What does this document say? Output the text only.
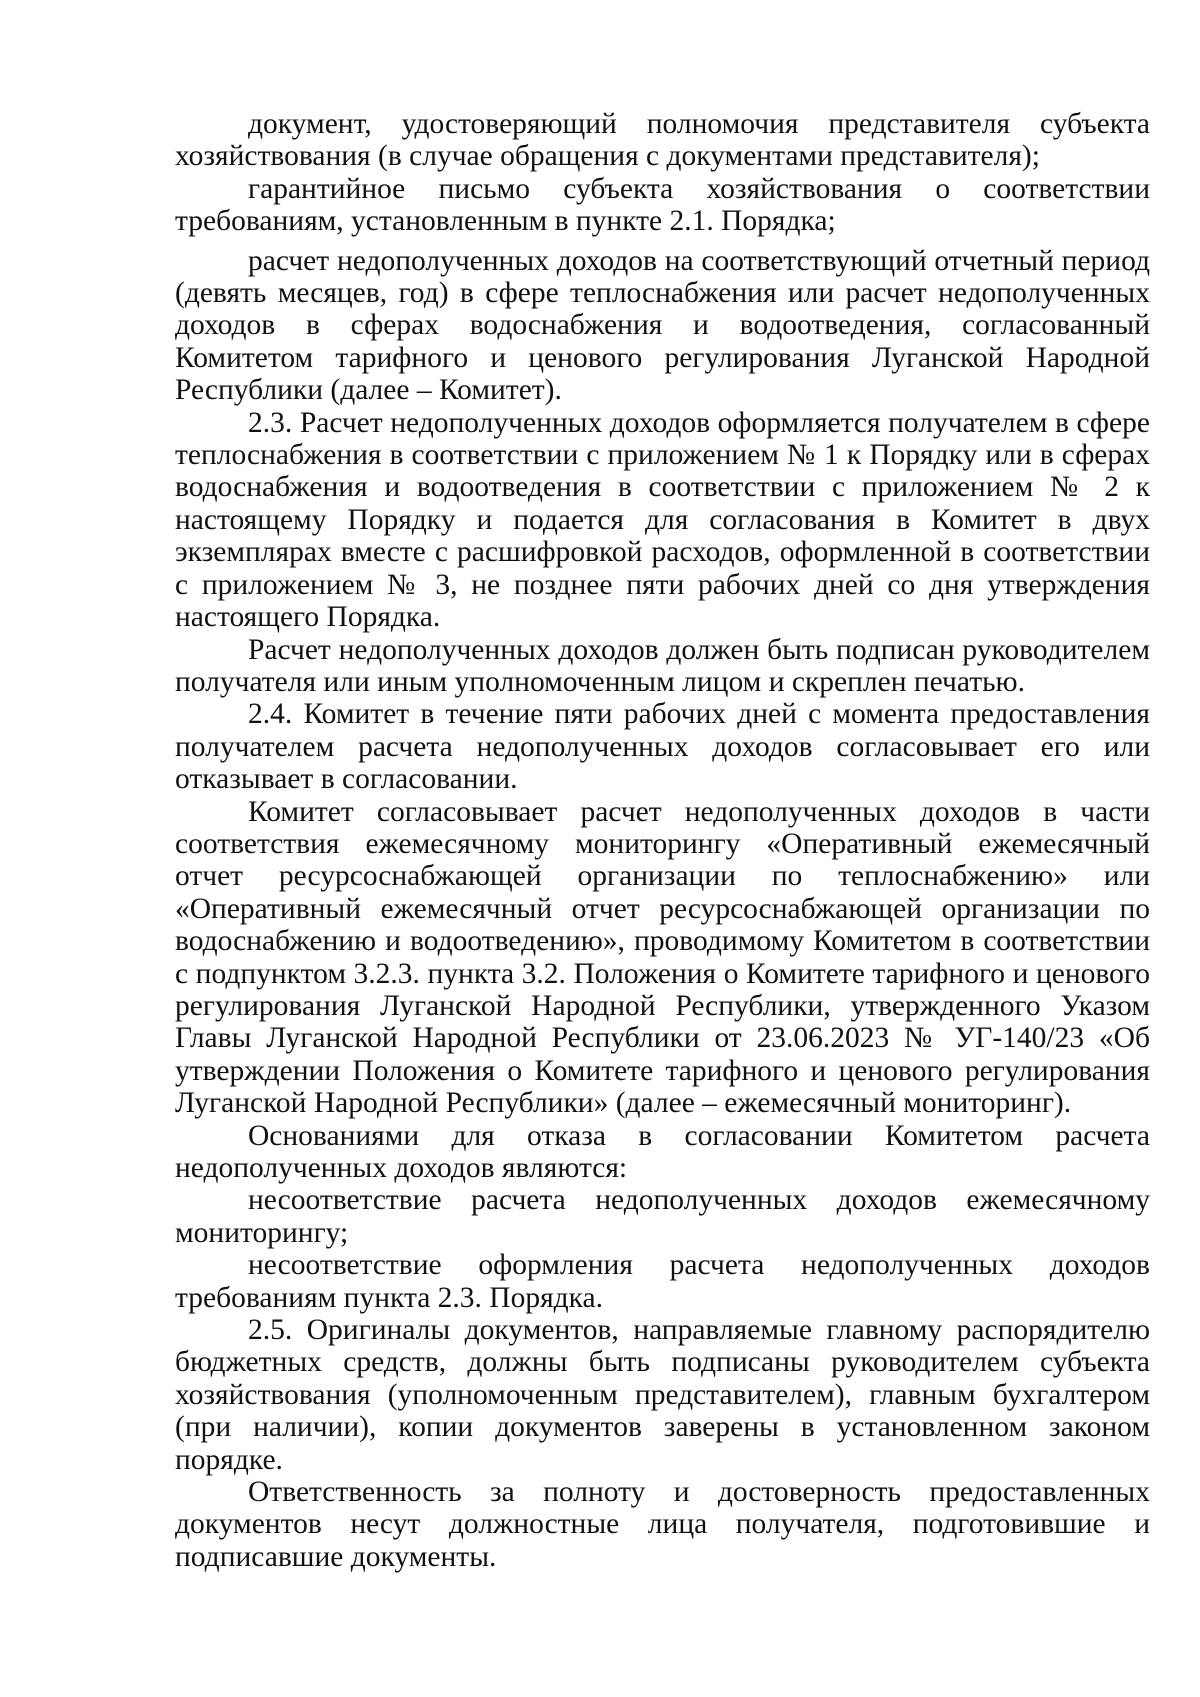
документ, удостоверяющий полномочия представителя субъекта хозяйствования (в случае обращения с документами представителя);

гарантийное письмо субъекта хозяйствования о соответствии требованиям, установленным в пункте 2.1. Порядка;

расчет недополученных доходов на соответствующий отчетный период (девять месяцев, год) в сфере теплоснабжения или расчет недополученных доходов в сферах водоснабжения и водоотведения, согласованный Комитетом тарифного и ценового регулирования Луганской Народной Республики (далее – Комитет).

2.3. Расчет недополученных доходов оформляется получателем в сфере теплоснабжения в соответствии с приложением № 1 к Порядку или в сферах водоснабжения и водоотведения в соответствии с приложением № 2 к настоящему Порядку и подается для согласования в Комитет в двух экземплярах вместе с расшифровкой расходов, оформленной в соответствии с приложением № 3, не позднее пяти рабочих дней со дня утверждения настоящего Порядка.

Расчет недополученных доходов должен быть подписан руководителем получателя или иным уполномоченным лицом и скреплен печатью.

2.4. Комитет в течение пяти рабочих дней с момента предоставления получателем расчета недополученных доходов согласовывает его или отказывает в согласовании.

Комитет согласовывает расчет недополученных доходов в части соответствия ежемесячному мониторингу «Оперативный ежемесячный отчет ресурсоснабжающей организации по теплоснабжению» или «Оперативный ежемесячный отчет ресурсоснабжающей организации по водоснабжению и водоотведению», проводимому Комитетом в соответствии с подпунктом 3.2.3. пункта 3.2. Положения о Комитете тарифного и ценового регулирования Луганской Народной Республики, утвержденного Указом Главы Луганской Народной Республики от 23.06.2023 № УГ-140/23 «Об утверждении Положения о Комитете тарифного и ценового регулирования Луганской Народной Республики» (далее – ежемесячный мониторинг).

Основаниями для отказа в согласовании Комитетом расчета недополученных доходов являются:

несоответствие расчета недополученных доходов ежемесячному мониторингу;

несоответствие оформления расчета недополученных доходов требованиям пункта 2.3. Порядка.

2.5. Оригиналы документов, направляемые главному распорядителю бюджетных средств, должны быть подписаны руководителем субъекта хозяйствования (уполномоченным представителем), главным бухгалтером (при наличии), копии документов заверены в установленном законом порядке.

Ответственность за полноту и достоверность предоставленных документов несут должностные лица получателя, подготовившие и подписавшие документы.
